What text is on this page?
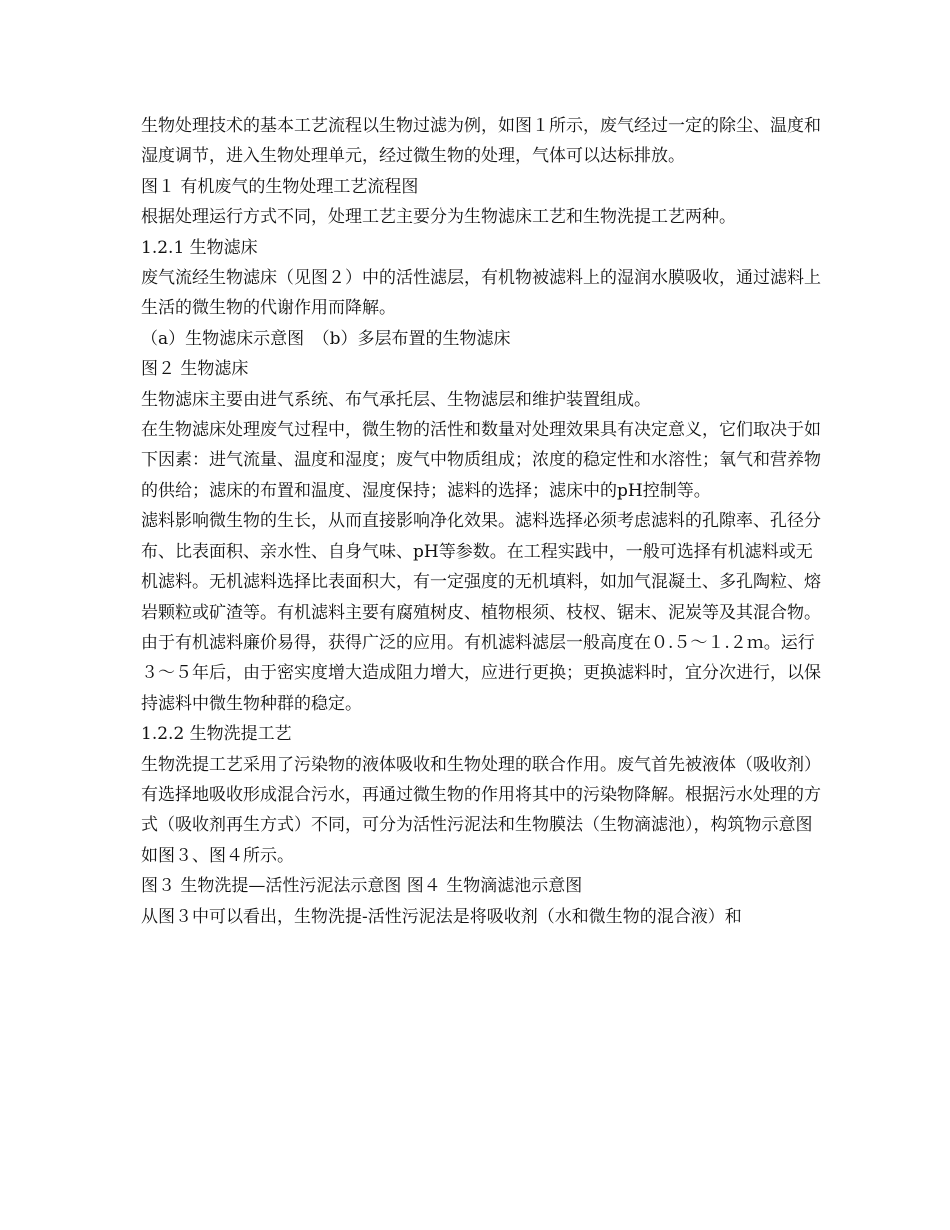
生物处理技术的基本工艺流程以生物过滤为例，如图１所示，废气经过一定的除尘、温度和湿度调节，进入生物处理单元，经过微生物的处理，气体可以达标排放。

图１ 有机废气的生物处理工艺流程图

根据处理运行方式不同，处理工艺主要分为生物滤床工艺和生物洗提工艺两种。

1.2.1 生物滤床

废气流经生物滤床（见图２）中的活性滤层，有机物被滤料上的湿润水膜吸收，通过滤料上生活的微生物的代谢作用而降解。

（a）生物滤床示意图　（b）多层布置的生物滤床

图２ 生物滤床

生物滤床主要由进气系统、布气承托层、生物滤层和维护装置组成。

在生物滤床处理废气过程中，微生物的活性和数量对处理效果具有决定意义，它们取决于如下因素：进气流量、温度和湿度；废气中物质组成；浓度的稳定性和水溶性；氧气和营养物的供给；滤床的布置和温度、湿度保持；滤料的选择；滤床中的pH控制等。

滤料影响微生物的生长，从而直接影响净化效果。滤料选择必须考虑滤料的孔隙率、孔径分布、比表面积、亲水性、自身气味、pH等参数。在工程实践中，一般可选择有机滤料或无机滤料。无机滤料选择比表面积大，有一定强度的无机填料，如加气混凝土、多孔陶粒、熔岩颗粒或矿渣等。有机滤料主要有腐殖树皮、植物根须、枝杈、锯末、泥炭等及其混合物。由于有机滤料廉价易得，获得广泛的应用。有机滤料滤层一般高度在０.５～１.２ｍ。运行３～５年后，由于密实度增大造成阻力增大，应进行更换；更换滤料时，宜分次进行，以保持滤料中微生物种群的稳定。

1.2.2 生物洗提工艺

生物洗提工艺采用了污染物的液体吸收和生物处理的联合作用。废气首先被液体（吸收剂）有选择地吸收形成混合污水，再通过微生物的作用将其中的污染物降解。根据污水处理的方式（吸收剂再生方式）不同，可分为活性污泥法和生物膜法（生物滴滤池），构筑物示意图如图３、图４所示。

图３ 生物洗提—活性污泥法示意图 图４ 生物滴滤池示意图

从图３中可以看出，生物洗提-活性污泥法是将吸收剂（水和微生物的混合液）和
